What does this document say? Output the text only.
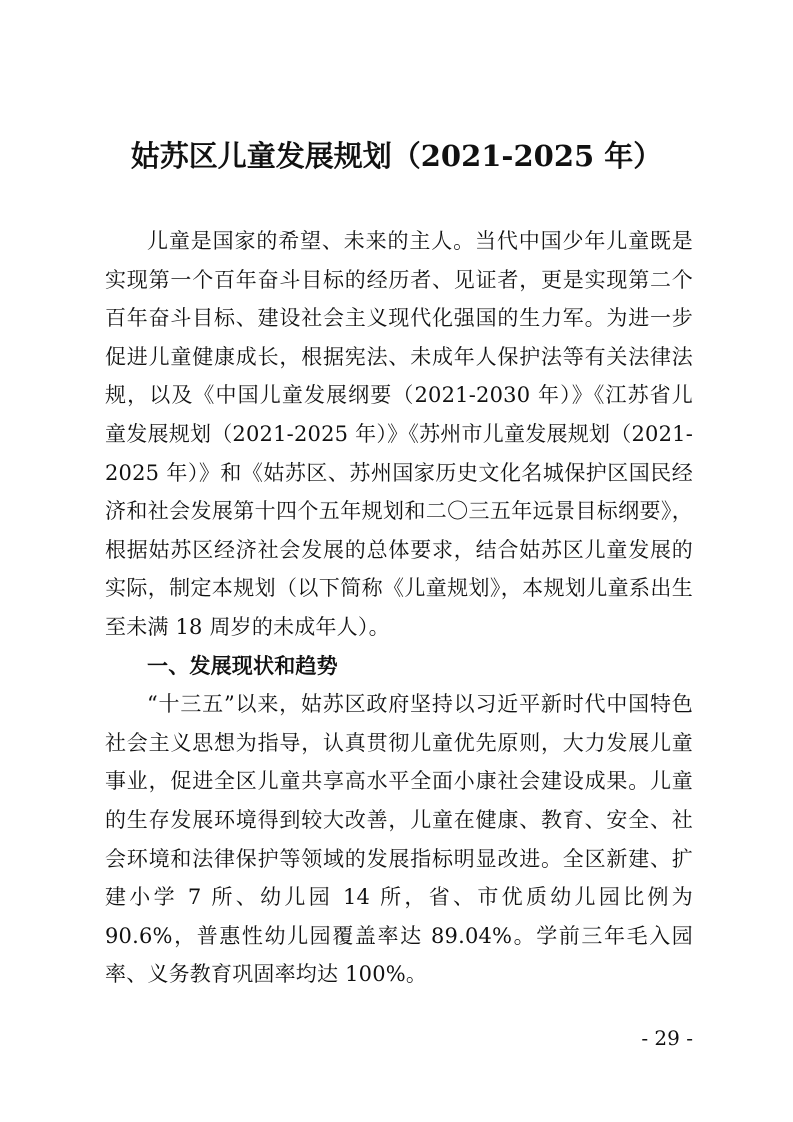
姑苏区儿童发展规划（2021-2025 年）

儿童是国家的希望、未来的主人。当代中国少年儿童既是实现第一个百年奋斗目标的经历者、见证者，更是实现第二个百年奋斗目标、建设社会主义现代化强国的生力军。为进一步促进儿童健康成长，根据宪法、未成年人保护法等有关法律法规，以及《中国儿童发展纲要（2021-2030 年）》《江苏省儿童发展规划（2021-2025 年）》《苏州市儿童发展规划（2021-2025 年）》和《姑苏区、苏州国家历史文化名城保护区国民经济和社会发展第十四个五年规划和二〇三五年远景目标纲要》，根据姑苏区经济社会发展的总体要求，结合姑苏区儿童发展的实际，制定本规划（以下简称《儿童规划》，本规划儿童系出生至未满 18 周岁的未成年人）。

一、发展现状和趋势

“十三五”以来，姑苏区政府坚持以习近平新时代中国特色社会主义思想为指导，认真贯彻儿童优先原则，大力发展儿童事业，促进全区儿童共享高水平全面小康社会建设成果。儿童的生存发展环境得到较大改善，儿童在健康、教育、安全、社会环境和法律保护等领域的发展指标明显改进。全区新建、扩建小学 7 所、幼儿园 14 所，省、市优质幼儿园比例为 90.6%，普惠性幼儿园覆盖率达 89.04%。学前三年毛入园率、义务教育巩固率均达 100%。

- 29 -
